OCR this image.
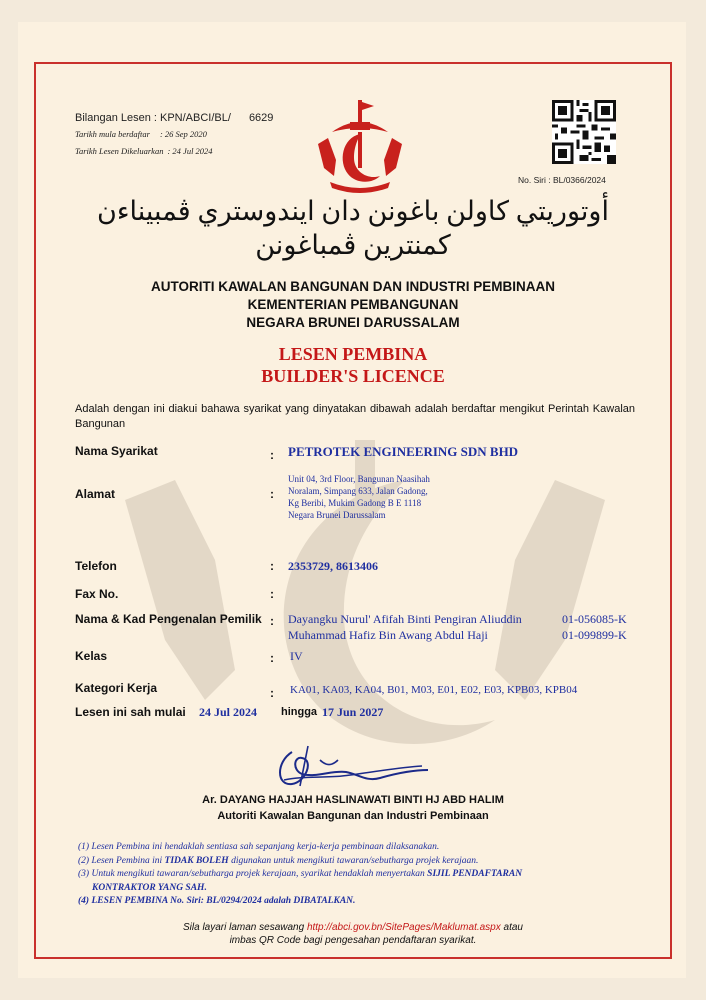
Bilangan Lesen : KPN/ABCI/BL/ 6629
Tarikh mula berdaftar : 26 Sep 2020
Tarikh Lesen Dikeluarkan : 24 Jul 2024
No. Siri : BL/0366/2024
ﺃﻭﺗﻮﺭﻳﺘﻲ ﻛﺎﻭﻟﻦ ﺑﺎﻏﻮﻧﻦ ﺩﺍﻥ ﺍﻳﻨﺪﻭﺳﺘﺮﻱ ﭬﻤﺒﻴﻨﺎﺀﻥ
ﻛﻤﻨﺘﺮﻳﻦ ﭬﻤﺒﺎﻏﻮﻧﻦ
AUTORITI KAWALAN BANGUNAN DAN INDUSTRI PEMBINAAN
KEMENTERIAN PEMBANGUNAN
NEGARA BRUNEI DARUSSALAM
LESEN PEMBINA
BUILDER'S LICENCE
Adalah dengan ini diakui bahawa syarikat yang dinyatakan dibawah adalah berdaftar mengikut Perintah Kawalan Bangunan
Nama Syarikat	: PETROTEK ENGINEERING SDN BHD
Alamat	:
Unit 04, 3rd Floor, Bangunan Naasihah
Noralam, Simpang 633, Jalan Gadong,
Kg Beribi, Mukim Gadong B E 1118
Negara Brunei Darussalam
Telefon	: 2353729, 8613406
Fax No.	:
Nama & Kad Pengenalan Pemilik : Dayangku Nurul' Afifah Binti Pengiran Aliuddin	01-056085-K
Muhammad Hafiz Bin Awang Abdul Haji	01-099899-K
Kelas	: IV
Kategori Kerja	: KA01, KA03, KA04, B01, M03, E01, E02, E03, KPB03, KPB04
Lesen ini sah mulai 24 Jul 2024 hingga 17 Jun 2027
Ar. DAYANG HAJJAH HASLINAWATI BINTI HJ ABD HALIM
Autoriti Kawalan Bangunan dan Industri Pembinaan
(1) Lesen Pembina ini hendaklah sentiasa sah sepanjang kerja-kerja pembinaan dilaksanakan.
(2) Lesen Pembina ini TIDAK BOLEH digunakan untuk mengikuti tawaran/sebutharga projek kerajaan.
(3) Untuk mengikuti tawaran/sebutharga projek kerajaan, syarikat hendaklah menyertakan SIJIL PENDAFTARAN
KONTRAKTOR YANG SAH.
(4) LESEN PEMBINA No. Siri: BL/0294/2024 adalah DIBATALKAN.
Sila layari laman sesawang http://abci.gov.bn/SitePages/Maklumat.aspx atau
imbas QR Code bagi pengesahan pendaftaran syarikat.
